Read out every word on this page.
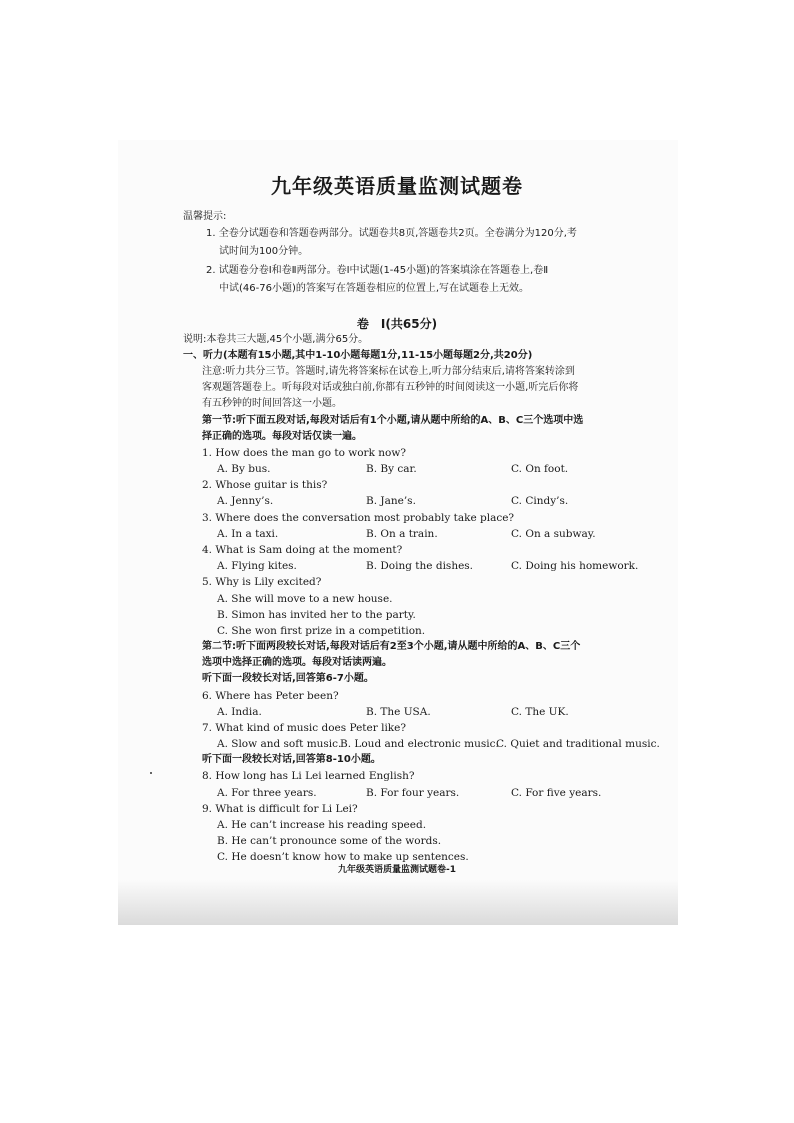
九年级英语质量监测试题卷
温馨提示:
1. 全卷分试题卷和答题卷两部分。试题卷共8页,答题卷共2页。全卷满分为120分,考
试时间为100分钟。
2. 试题卷分卷Ⅰ和卷Ⅱ两部分。卷Ⅰ中试题(1-45小题)的答案填涂在答题卷上,卷Ⅱ
中试(46-76小题)的答案写在答题卷相应的位置上,写在试题卷上无效。
卷　Ⅰ(共65分)
说明:本卷共三大题,45个小题,满分65分。
一、听力(本题有15小题,其中1-10小题每题1分,11-15小题每题2分,共20分)
注意:听力共分三节。答题时,请先将答案标在试卷上,听力部分结束后,请将答案转涂到
客观题答题卷上。听每段对话或独白前,你都有五秒钟的时间阅读这一小题,听完后你将
有五秒钟的时间回答这一小题。
第一节:听下面五段对话,每段对话后有1个小题,请从题中所给的A、B、C三个选项中选
择正确的选项。每段对话仅读一遍。
1. How does the man go to work now?
A. By bus.	B. By car.	C. On foot.
2. Whose guitar is this?
A. Jenny’s.	B. Jane’s.	C. Cindy’s.
3. Where does the conversation most probably take place?
A. In a taxi.	B. On a train.	C. On a subway.
4. What is Sam doing at the moment?
A. Flying kites.	B. Doing the dishes.	C. Doing his homework.
5. Why is Lily excited?
A. She will move to a new house.
B. Simon has invited her to the party.
C. She won first prize in a competition.
第二节:听下面两段较长对话,每段对话后有2至3个小题,请从题中所给的A、B、C三个
选项中选择正确的选项。每段对话读两遍。
听下面一段较长对话,回答第6-7小题。
6. Where has Peter been?
A. India.	B. The USA.	C. The UK.
7. What kind of music does Peter like?
A. Slow and soft music.
B. Loud and electronic music.
C. Quiet and traditional music.
听下面一段较长对话,回答第8-10小题。
8. How long has Li Lei learned English?
A. For three years.	B. For four years.	C. For five years.
9. What is difficult for Li Lei?
A. He can’t increase his reading speed.
B. He can’t pronounce some of the words.
C. He doesn’t know how to make up sentences.
九年级英语质量监测试题卷-1
